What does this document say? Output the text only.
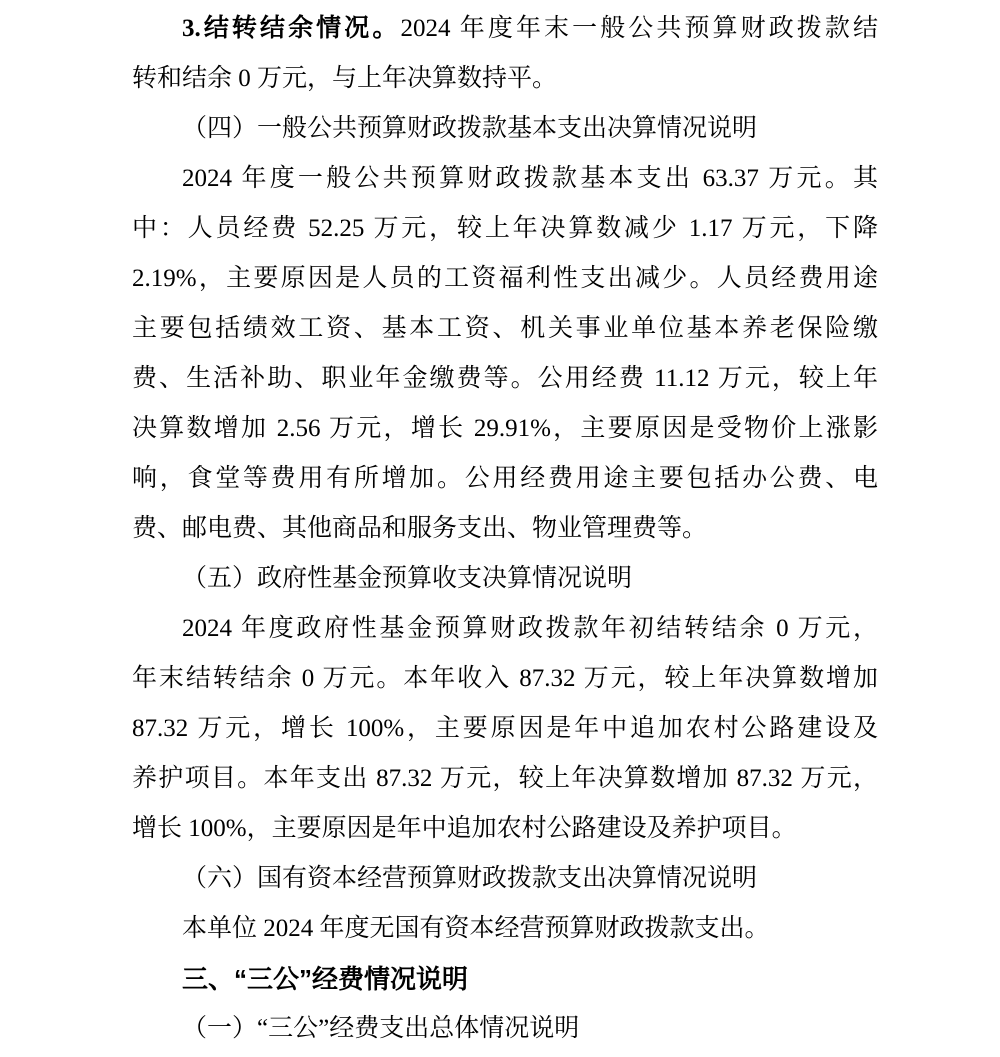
3.结转结余情况。2024 年度年末一般公共预算财政拨款结
转和结余 0 万元，与上年决算数持平。
（四）一般公共预算财政拨款基本支出决算情况说明
2024 年度一般公共预算财政拨款基本支出 63.37 万元。其
中：人员经费 52.25 万元，较上年决算数减少 1.17 万元，下降
2.19%，主要原因是人员的工资福利性支出减少。人员经费用途
主要包括绩效工资、基本工资、机关事业单位基本养老保险缴
费、生活补助、职业年金缴费等。公用经费 11.12 万元，较上年
决算数增加 2.56 万元，增长 29.91%，主要原因是受物价上涨影
响，食堂等费用有所增加。公用经费用途主要包括办公费、电
费、邮电费、其他商品和服务支出、物业管理费等。
（五）政府性基金预算收支决算情况说明
2024 年度政府性基金预算财政拨款年初结转结余 0 万元，
年末结转结余 0 万元。本年收入 87.32 万元，较上年决算数增加
87.32 万元，增长 100%，主要原因是年中追加农村公路建设及
养护项目。本年支出 87.32 万元，较上年决算数增加 87.32 万元，
增长 100%，主要原因是年中追加农村公路建设及养护项目。
（六）国有资本经营预算财政拨款支出决算情况说明
本单位 2024 年度无国有资本经营预算财政拨款支出。
三、“三公”经费情况说明
（一）“三公”经费支出总体情况说明
